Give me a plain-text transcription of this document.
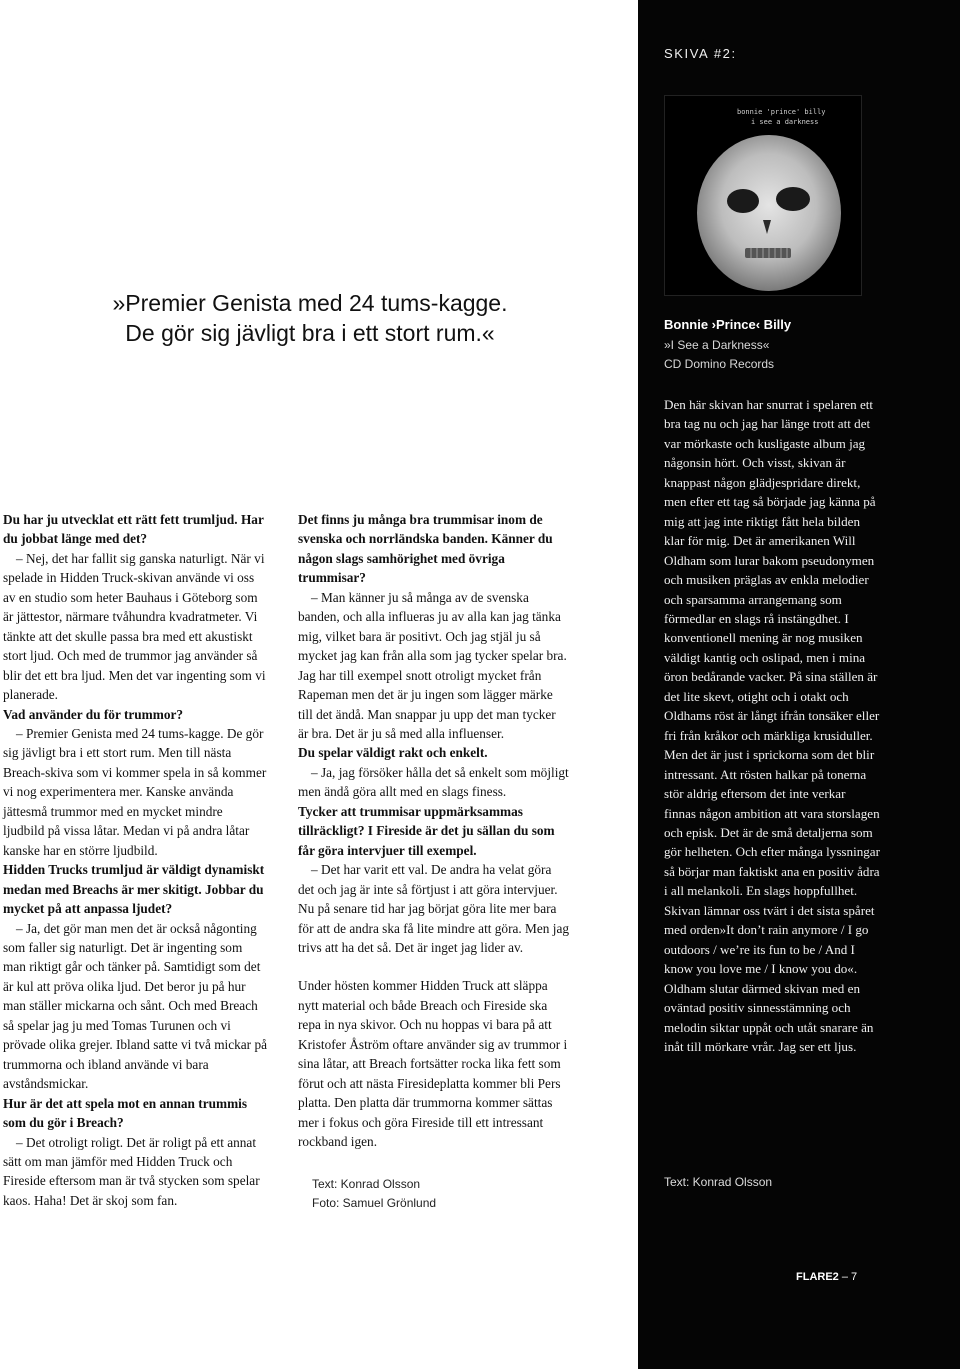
»Premier Genista med 24 tums-kagge.
De gör sig jävligt bra i ett stort rum.«

Du har ju utvecklat ett rätt fett trumljud. Har du jobbat länge med det?

– Nej, det har fallit sig ganska naturligt. När vi spelade in Hidden Truck-skivan använde vi oss av en studio som heter Bauhaus i Göteborg som är jättestor, närmare tvåhundra kvadratmeter. Vi tänkte att det skulle passa bra med ett akustiskt stort ljud. Och med de trummor jag använder så blir det ett bra ljud. Men det var ingenting som vi planerade.

Vad använder du för trummor?

– Premier Genista med 24 tums-kagge. De gör sig jävligt bra i ett stort rum. Men till nästa Breach-skiva som vi kommer spela in så kommer vi nog experimentera mer. Kanske använda jättesmå trummor med en mycket mindre ljudbild på vissa låtar. Medan vi på andra låtar kanske har en större ljudbild.

Hidden Trucks trumljud är väldigt dynamiskt medan med Breachs är mer skitigt. Jobbar du mycket på att anpassa ljudet?

– Ja, det gör man men det är också någonting som faller sig naturligt. Det är ingenting som man riktigt går och tänker på. Samtidigt som det är kul att pröva olika ljud. Det beror ju på hur man ställer mickarna och sånt. Och med Breach så spelar jag ju med Tomas Turunen och vi prövade olika grejer. Ibland satte vi två mickar på trummorna och ibland använde vi bara avståndsmickar.

Hur är det att spela mot en annan trummis som du gör i Breach?

– Det otroligt roligt. Det är roligt på ett annat sätt om man jämför med Hidden Truck och Fireside eftersom man är två stycken som spelar kaos. Haha! Det är skoj som fan.

Det finns ju många bra trummisar inom de svenska och norrländska banden. Känner du någon slags samhörighet med övriga trummisar?

– Man känner ju så många av de svenska banden, och alla influeras ju av alla kan jag tänka mig, vilket bara är positivt. Och jag stjäl ju så mycket jag kan från alla som jag tycker spelar bra. Jag har till exempel snott otroligt mycket från Rapeman men det är ju ingen som lägger märke till det ändå. Man snappar ju upp det man tycker är bra. Det är ju så med alla influenser.

Du spelar väldigt rakt och enkelt.

– Ja, jag försöker hålla det så enkelt som möjligt men ändå göra allt med en slags finess.

Tycker att trummisar uppmärksammas tillräckligt? I Fireside är det ju sällan du som får göra intervjuer till exempel.

– Det har varit ett val. De andra ha velat göra det och jag är inte så förtjust i att göra intervjuer. Nu på senare tid har jag börjat göra lite mer bara för att de andra ska få lite mindre att göra. Men jag trivs att ha det så. Det är inget jag lider av.

Under hösten kommer Hidden Truck att släppa nytt material och både Breach och Fireside ska repa in nya skivor. Och nu hoppas vi bara på att Kristofer Åström oftare använder sig av trummor i sina låtar, att Breach fortsätter rocka lika fett som förut och att nästa Firesideplatta kommer bli Pers platta. Den platta där trummorna kommer sättas mer i fokus och göra Fireside till ett intressant rockband igen.

Text: Konrad Olsson
Foto: Samuel Grönlund
SKIVA #2:
bonnie 'prince' billy
i see a darkness
Bonnie ›Prince‹ Billy
»I See a Darkness«
CD Domino Records

Den här skivan har snurrat i spelaren ett bra tag nu och jag har länge trott att det var mörkaste och kusligaste album jag någonsin hört. Och visst, skivan är knappast någon glädjespridare direkt, men efter ett tag så började jag känna på mig att jag inte riktigt fått hela bilden klar för mig. Det är amerikanen Will Oldham som lurar bakom pseudonymen och musiken präglas av enkla melodier och sparsamma arrangemang som förmedlar en slags rå instängdhet. I konventionell mening är nog musiken väldigt kantig och oslipad, men i mina öron bedårande vacker. På sina ställen är det lite skevt, otight och i otakt och Oldhams röst är långt ifrån tonsäker eller fri från kråkor och märkliga krusiduller. Men det är just i sprickorna som det blir intressant. Att rösten halkar på tonerna stör aldrig eftersom det inte verkar finnas någon ambition att vara storslagen och episk. Det är de små detaljerna som gör helheten. Och efter många lyssningar så börjar man faktiskt ana en positiv ådra i all melankoli. En slags hoppfullhet. Skivan lämnar oss tvärt i det sista spåret med orden»It don’t rain anymore / I go outdoors / we’re its fun to be / And I know you love me / I know you do«. Oldham slutar därmed skivan med en oväntad positiv sinnesstämning och melodin siktar uppåt och utåt snarare än inåt till mörkare vrår. Jag ser ett ljus.

Text: Konrad Olsson
FLARE2 – 7
